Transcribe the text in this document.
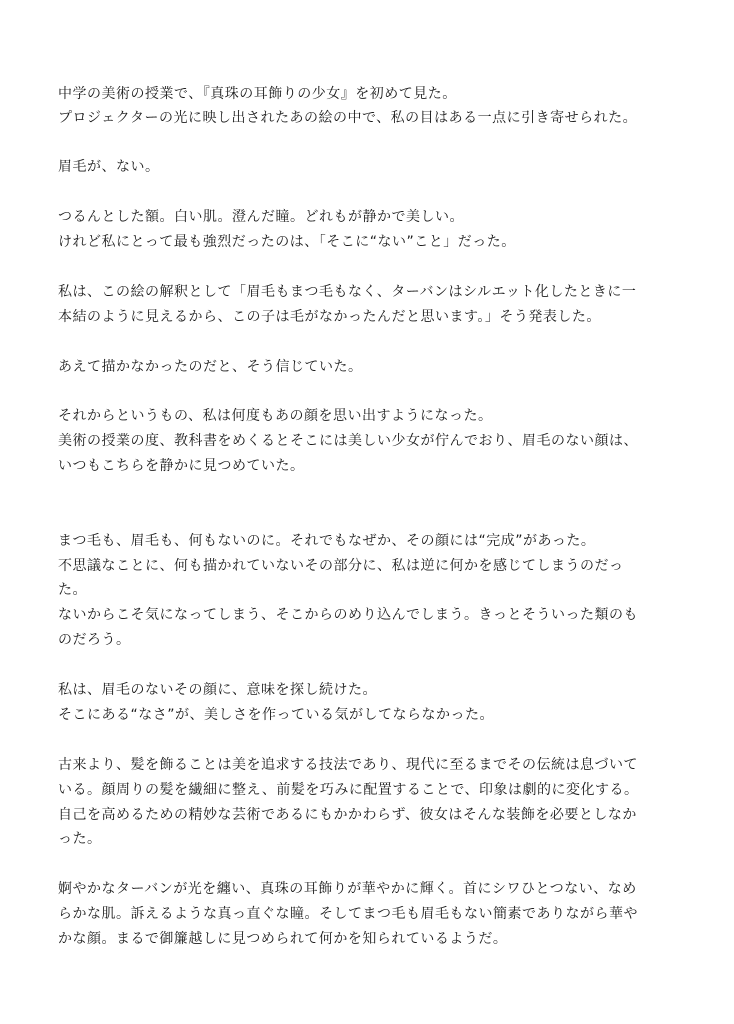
中学の美術の授業で、『真珠の耳飾りの少女』を初めて見た。
プロジェクターの光に映し出されたあの絵の中で、私の目はある一点に引き寄せられた。
眉毛が、ない。
つるんとした額。白い肌。澄んだ瞳。どれもが静かで美しい。
けれど私にとって最も強烈だったのは、「そこに“ない”こと」だった。
私は、この絵の解釈として「眉毛もまつ毛もなく、ターバンはシルエット化したときに一
本結のように見えるから、この子は毛がなかったんだと思います。」そう発表した。
あえて描かなかったのだと、そう信じていた。
それからというもの、私は何度もあの顔を思い出すようになった。
美術の授業の度、教科書をめくるとそこには美しい少女が佇んでおり、眉毛のない顔は、
いつもこちらを静かに見つめていた。
まつ毛も、眉毛も、何もないのに。それでもなぜか、その顔には“完成”があった。
不思議なことに、何も描かれていないその部分に、私は逆に何かを感じてしまうのだっ
た。
ないからこそ気になってしまう、そこからのめり込んでしまう。きっとそういった類のも
のだろう。
私は、眉毛のないその顔に、意味を探し続けた。
そこにある“なさ”が、美しさを作っている気がしてならなかった。
古来より、髪を飾ることは美を追求する技法であり、現代に至るまでその伝統は息づいて
いる。顔周りの髪を繊細に整え、前髪を巧みに配置することで、印象は劇的に変化する。
自己を高めるための精妙な芸術であるにもかかわらず、彼女はそんな装飾を必要としなか
った。
婀やかなターバンが光を纏い、真珠の耳飾りが華やかに輝く。首にシワひとつない、なめ
らかな肌。訴えるような真っ直ぐな瞳。そしてまつ毛も眉毛もない簡素でありながら華や
かな顔。まるで御簾越しに見つめられて何かを知られているようだ。
